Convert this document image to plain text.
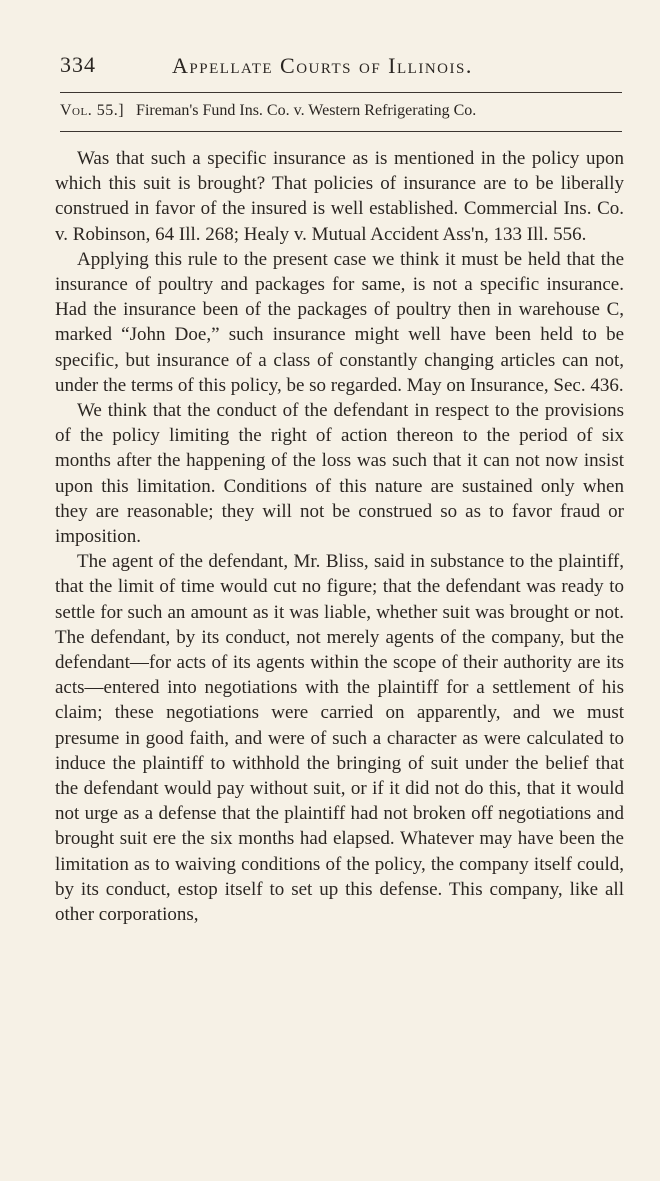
334	Appellate Courts of Illinois.
Vol. 55.] Fireman's Fund Ins. Co. v. Western Refrigerating Co.

Was that such a specific insurance as is mentioned in the policy upon which this suit is brought? That policies of insurance are to be liberally construed in favor of the insured is well established. Commercial Ins. Co. v. Robinson, 64 Ill. 268; Healy v. Mutual Accident Ass'n, 133 Ill. 556.

Applying this rule to the present case we think it must be held that the insurance of poultry and packages for same, is not a specific insurance. Had the insurance been of the packages of poultry then in warehouse C, marked “John Doe,” such insurance might well have been held to be specific, but insurance of a class of constantly changing articles can not, under the terms of this policy, be so regarded. May on Insurance, Sec. 436.

We think that the conduct of the defendant in respect to the provisions of the policy limiting the right of action thereon to the period of six months after the happening of the loss was such that it can not now insist upon this limitation. Conditions of this nature are sustained only when they are reasonable; they will not be construed so as to favor fraud or imposition.

The agent of the defendant, Mr. Bliss, said in substance to the plaintiff, that the limit of time would cut no figure; that the defendant was ready to settle for such an amount as it was liable, whether suit was brought or not. The defendant, by its conduct, not merely agents of the company, but the defendant—for acts of its agents within the scope of their authority are its acts—entered into negotiations with the plaintiff for a settlement of his claim; these negotiations were carried on apparently, and we must presume in good faith, and were of such a character as were calculated to induce the plaintiff to withhold the bringing of suit under the belief that the defendant would pay without suit, or if it did not do this, that it would not urge as a defense that the plaintiff had not broken off negotiations and brought suit ere the six months had elapsed. Whatever may have been the limitation as to waiving conditions of the policy, the company itself could, by its conduct, estop itself to set up this defense. This company, like all other corporations,
